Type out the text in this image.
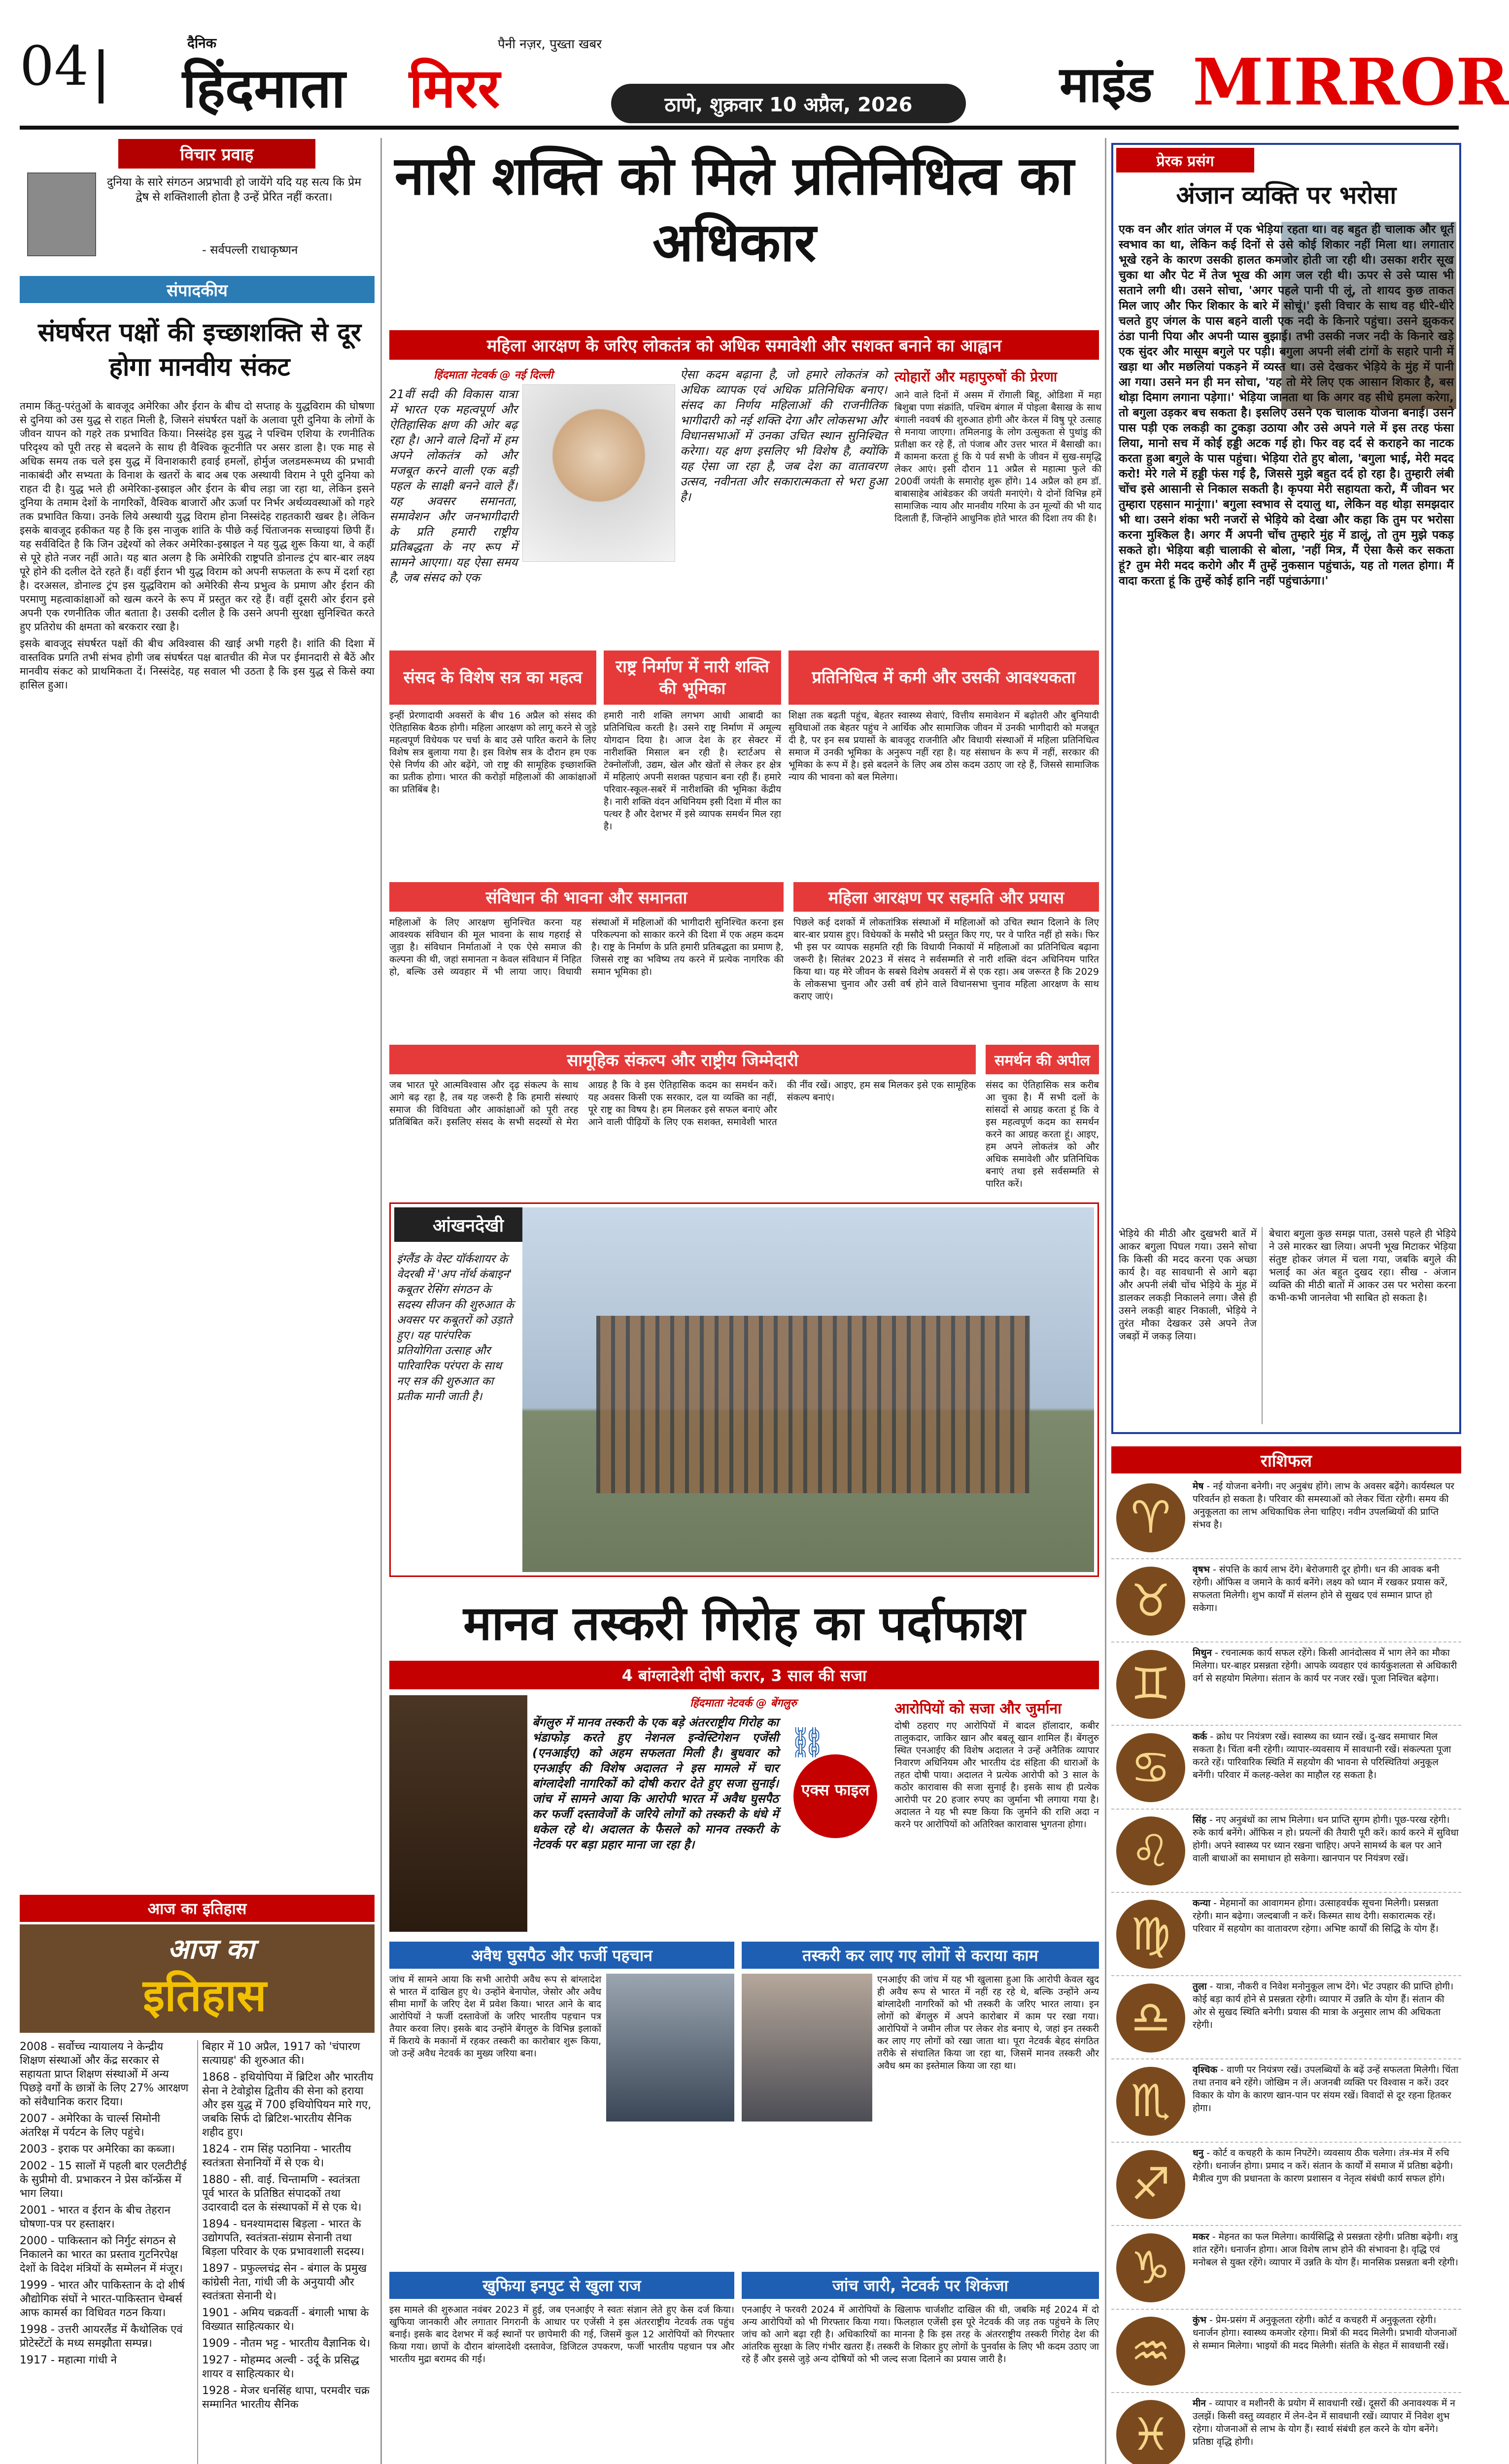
04	दैनिक
हिंदमाता मिरर
पैनी नज़र, पुख्ता खबर
ठाणे, शुक्रवार 10 अप्रैल, 2026	माइंड MIRROR
विचार प्रवाह
दुनिया के सारे संगठन अप्रभावी हो जायेंगे यदि यह सत्य कि प्रेम द्वेष से शक्तिशाली होता है उन्हें प्रेरित नहीं करता।
- सर्वपल्ली राधाकृष्णन
संपादकीय
संघर्षरत पक्षों की इच्छाशक्ति से दूर होगा मानवीय संकट

तमाम किंतु-परंतुओं के बावजूद अमेरिका और ईरान के बीच दो सप्ताह के युद्धविराम की घोषणा से दुनिया को उस युद्ध से राहत मिली है, जिसने संघर्षरत पक्षों के अलावा पूरी दुनिया के लोगों के जीवन यापन को गहरे तक प्रभावित किया। निस्संदेह इस युद्ध ने पश्चिम एशिया के रणनीतिक परिदृश्य को पूरी तरह से बदलने के साथ ही वैश्विक कूटनीति पर असर डाला है। एक माह से अधिक समय तक चले इस युद्ध में विनाशकारी हवाई हमलों, होर्मुज जलडमरूमध्य की प्रभावी नाकाबंदी और सभ्यता के विनाश के खतरों के बाद अब एक अस्थायी विराम ने पूरी दुनिया को राहत दी है। युद्ध भले ही अमेरिका-इस्राइल और ईरान के बीच लड़ा जा रहा था, लेकिन इसने दुनिया के तमाम देशों के नागरिकों, वैश्विक बाजारों और ऊर्जा पर निर्भर अर्थव्यवस्थाओं को गहरे तक प्रभावित किया। उनके लिये अस्थायी युद्ध विराम होना निस्संदेह राहतकारी खबर है। लेकिन इसके बावजूद हकीकत यह है कि इस नाजुक शांति के पीछे कई चिंताजनक सच्चाइयां छिपी हैं। यह सर्वविदित है कि जिन उद्देश्यों को लेकर अमेरिका-इस्राइल ने यह युद्ध शुरू किया था, वे कहीं से पूरे होते नजर नहीं आते। यह बात अलग है कि अमेरिकी राष्ट्रपति डोनाल्ड ट्रंप बार-बार लक्ष्य पूरे होने की दलील देते रहते हैं। वहीं ईरान भी युद्ध विराम को अपनी सफलता के रूप में दर्शा रहा है। दरअसल, डोनाल्ड ट्रंप इस युद्धविराम को अमेरिकी सैन्य प्रभुत्व के प्रमाण और ईरान की परमाणु महत्वाकांक्षाओं को खत्म करने के रूप में प्रस्तुत कर रहे हैं। वहीं दूसरी ओर ईरान इसे अपनी एक रणनीतिक जीत बताता है। उसकी दलील है कि उसने अपनी सुरक्षा सुनिश्चित करते हुए प्रतिरोध की क्षमता को बरकरार रखा है।

इसके बावजूद संघर्षरत पक्षों की बीच अविश्वास की खाई अभी गहरी है। शांति की दिशा में वास्तविक प्रगति तभी संभव होगी जब संघर्षरत पक्ष बातचीत की मेज पर ईमानदारी से बैठें और मानवीय संकट को प्राथमिकता दें। निस्संदेह, यह सवाल भी उठता है कि इस युद्ध से किसे क्या हासिल हुआ।

आज का इतिहास
आज का
इतिहास

2008 - सर्वोच्च न्यायालय ने केन्द्रीय शिक्षण संस्थाओं और केंद्र सरकार से सहायता प्राप्त शिक्षण संस्थाओं में अन्य पिछड़े वर्गों के छात्रों के लिए 27% आरक्षण को संवैधानिक करार दिया।

2007 - अमेरिका के चार्ल्स सिमोनी अंतरिक्ष में पर्यटन के लिए पहुंचे।

2003 - इराक पर अमेरिका का कब्जा।

2002 - 15 सालों में पहली बार एलटीटीई के सुप्रीमो वी. प्रभाकरन ने प्रेस कॉन्फ्रेंस में भाग लिया।

2001 - भारत व ईरान के बीच तेहरान घोषणा-पत्र पर हस्ताक्षर।

2000 - पाकिस्तान को निर्गुट संगठन से निकालने का भारत का प्रस्ताव गुटनिरपेक्ष देशों के विदेश मंत्रियों के सम्मेलन में मंजूर।

1999 - भारत और पाकिस्तान के दो शीर्ष औद्योगिक संघों ने भारत-पाकिस्तान चेम्बर्स आफ कामर्स का विधिवत गठन किया।

1998 - उत्तरी आयरलैंड में कैथोलिक एवं प्रोटेस्टेंटों के मध्य समझौता सम्पन्न।

1917 - महात्मा गांधी ने

बिहार में 10 अप्रैल, 1917 को 'चंपारण सत्याग्रह' की शुरुआत की।

1868 - इथियोपिया में ब्रिटिश और भारतीय सेना ने टेवोड्रोस द्वितीय की सेना को हराया और इस युद्ध में 700 इथियोपियन मारे गए, जबकि सिर्फ दो ब्रिटिश-भारतीय सैनिक शहीद हुए।

1824 - राम सिंह पठानिया - भारतीय स्वतंत्रता सेनानियों में से एक थे।

1880 - सी. वाई. चिन्तामणि - स्वतंत्रता पूर्व भारत के प्रतिष्ठित संपादकों तथा उदारवादी दल के संस्थापकों में से एक थे।

1894 - घनश्यामदास बिड़ला - भारत के उद्योगपति, स्वतंत्रता-संग्राम सेनानी तथा बिड़ला परिवार के एक प्रभावशाली सदस्य।

1897 - प्रफुल्लचंद्र सेन - बंगाल के प्रमुख कांग्रेसी नेता, गांधी जी के अनुयायी और स्वतंत्रता सेनानी थे।

1901 - अमिय चक्रवर्ती - बंगाली भाषा के विख्यात साहित्यकार थे।

1909 - नौतम भट्ट - भारतीय वैज्ञानिक थे।

1927 - मोहम्मद अल्वी - उर्दू के प्रसिद्ध शायर व साहित्यकार थे।

1928 - मेजर धनसिंह थापा, परमवीर चक्र सम्मानित भारतीय सैनिक

नारी शक्ति को मिले प्रतिनिधित्व का अधिकार
महिला आरक्षण के जरिए लोकतंत्र को अधिक समावेशी और सशक्त बनाने का आह्वान
हिंदमाता नेटवर्क @ नई दिल्ली
21वीं सदी की विकास यात्रा में भारत एक महत्वपूर्ण और ऐतिहासिक क्षण की ओर बढ़ रहा है। आने वाले दिनों में हम अपने लोकतंत्र को और मजबूत करने वाली एक बड़ी पहल के साक्षी बनने वाले हैं। यह अवसर समानता, समावेशन और जनभागीदारी के प्रति हमारी राष्ट्रीय प्रतिबद्धता के नए रूप में सामने आएगा। यह ऐसा समय है, जब संसद को एक
ऐसा कदम बढ़ाना है, जो हमारे लोकतंत्र को अधिक व्यापक एवं अधिक प्रतिनिधिक बनाए। संसद का निर्णय महिलाओं की राजनीतिक भागीदारी को नई शक्ति देगा और लोकसभा और विधानसभाओं में उनका उचित स्थान सुनिश्चित करेगा। यह क्षण इसलिए भी विशेष है, क्योंकि यह ऐसा जा रहा है, जब देश का वातावरण उत्सव, नवीनता और सकारात्मकता से भरा हुआ है।
त्योहारों और महापुरुषों की प्रेरणा
आने वाले दिनों में असम में रोंगाली बिहू, ओडिशा में महा बिशुबा पणा संक्रांति, पश्चिम बंगाल में पोइला बैसाख के साथ बंगाली नववर्ष की शुरुआत होगी और केरल में विषु पूरे उत्साह से मनाया जाएगा। तमिलनाडु के लोग उत्सुकता से पुथांडु की प्रतीक्षा कर रहे हैं, तो पंजाब और उत्तर भारत में बैसाखी का। मैं कामना करता हूं कि ये पर्व सभी के जीवन में सुख-समृद्धि लेकर आएं। इसी दौरान 11 अप्रैल से महात्मा फुले की 200वीं जयंती के समारोह शुरू होंगे। 14 अप्रैल को हम डॉ. बाबासाहेब आंबेडकर की जयंती मनाएंगे। ये दोनों विभिन्न हमें सामाजिक न्याय और मानवीय गरिमा के उन मूल्यों की भी याद दिलाती हैं, जिन्होंने आधुनिक होते भारत की दिशा तय की है।
संसद के विशेष सत्र का महत्व
इन्हीं प्रेरणादायी अवसरों के बीच 16 अप्रैल को संसद की ऐतिहासिक बैठक होगी। महिला आरक्षण को लागू करने से जुड़े महत्वपूर्ण विधेयक पर चर्चा के बाद उसे पारित कराने के लिए विशेष सत्र बुलाया गया है। इस विशेष सत्र के दौरान हम एक ऐसे निर्णय की ओर बढ़ेंगे, जो राष्ट्र की सामूहिक इच्छाशक्ति का प्रतीक होगा। भारत की करोड़ों महिलाओं की आकांक्षाओं का प्रतिबिंब है।
राष्ट्र निर्माण में नारी शक्ति की भूमिका
हमारी नारी शक्ति लगभग आधी आबादी का प्रतिनिधित्व करती है। उसने राष्ट्र निर्माण में अमूल्य योगदान दिया है। आज देश के हर सेक्टर में नारीशक्ति मिसाल बन रही है। स्टार्टअप से टेक्नोलॉजी, उद्यम, खेल और खेतों से लेकर हर क्षेत्र में महिलाएं अपनी सशक्त पहचान बना रही हैं। हमारे परिवार-स्कूल-सबरें में नारीशक्ति की भूमिका केंद्रीय है। नारी शक्ति वंदन अधिनियम इसी दिशा में मील का पत्थर है और देशभर में इसे व्यापक समर्थन मिल रहा है।
प्रतिनिधित्व में कमी और उसकी आवश्यकता
शिक्षा तक बढ़ती पहुंच, बेहतर स्वास्थ्य सेवाएं, वित्तीय समावेशन में बढ़ोतरी और बुनियादी सुविधाओं तक बेहतर पहुंच ने आर्थिक और सामाजिक जीवन में उनकी भागीदारी को मजबूत दी है, पर इन सब प्रयासों के बावजूद राजनीति और विधायी संस्थाओं में महिला प्रतिनिधित्व समाज में उनकी भूमिका के अनुरूप नहीं रहा है। यह संसाधन के रूप में नहीं, सरकार की भूमिका के रूप में है। इसे बदलने के लिए अब ठोस कदम उठाए जा रहे हैं, जिससे सामाजिक न्याय की भावना को बल मिलेगा।
संविधान की भावना और समानता
महिलाओं के लिए आरक्षण सुनिश्चित करना यह आवश्यक संविधान की मूल भावना के साथ गहराई से जुड़ा है। संविधान निर्माताओं ने एक ऐसे समाज की कल्पना की थी, जहां समानता न केवल संविधान में निहित हो, बल्कि उसे व्यवहार में भी लाया जाए। विधायी संस्थाओं में महिलाओं की भागीदारी सुनिश्चित करना इस परिकल्पना को साकार करने की दिशा में एक अहम कदम है। राष्ट्र के निर्माण के प्रति हमारी प्रतिबद्धता का प्रमाण है, जिससे राष्ट्र का भविष्य तय करने में प्रत्येक नागरिक की समान भूमिका हो।
महिला आरक्षण पर सहमति और प्रयास
पिछले कई दशकों में लोकतांत्रिक संस्थाओं में महिलाओं को उचित स्थान दिलाने के लिए बार-बार प्रयास हुए। विधेयकों के मसौदे भी प्रस्तुत किए गए, पर वे पारित नहीं हो सके। फिर भी इस पर व्यापक सहमति रही कि विधायी निकायों में महिलाओं का प्रतिनिधित्व बढ़ाना जरूरी है। सितंबर 2023 में संसद ने सर्वसम्मति से नारी शक्ति वंदन अधिनियम पारित किया था। यह मेरे जीवन के सबसे विशेष अवसरों में से एक रहा। अब जरूरत है कि 2029 के लोकसभा चुनाव और उसी वर्ष होने वाले विधानसभा चुनाव महिला आरक्षण के साथ कराए जाएं।
सामूहिक संकल्प और राष्ट्रीय जिम्मेदारी
जब भारत पूरे आत्मविश्वास और दृढ़ संकल्प के साथ आगे बढ़ रहा है, तब यह जरूरी है कि हमारी संस्थाएं समाज की विविधता और आकांक्षाओं को पूरी तरह प्रतिबिंबित करें। इसलिए संसद के सभी सदस्यों से मेरा आग्रह है कि वे इस ऐतिहासिक कदम का समर्थन करें। यह अवसर किसी एक सरकार, दल या व्यक्ति का नहीं, पूरे राष्ट्र का विषय है। हम मिलकर इसे सफल बनाएं और आने वाली पीढ़ियों के लिए एक सशक्त, समावेशी भारत की नींव रखें। आइए, हम सब मिलकर इसे एक सामूहिक संकल्प बनाएं।
समर्थन की अपील
संसद का ऐतिहासिक सत्र करीब आ चुका है। मैं सभी दलों के सांसदों से आग्रह करता हूं कि वे इस महत्वपूर्ण कदम का समर्थन करने का आग्रह करता हूं। आइए, हम अपने लोकतंत्र को और अधिक समावेशी और प्रतिनिधिक बनाएं तथा इसे सर्वसम्मति से पारित करें।
आंखनदेखी
इंग्लैंड के वेस्ट यॉर्कशायर के वेदरबी में 'अप नॉर्थ कंबाइन' कबूतर रेसिंग संगठन के सदस्य सीजन की शुरुआत के अवसर पर कबूतरों को उड़ाते हुए। यह पारंपरिक प्रतियोगिता उत्साह और पारिवारिक परंपरा के साथ नए सत्र की शुरुआत का प्रतीक मानी जाती है।
मानव तस्करी गिरोह का पर्दाफाश
4 बांग्लादेशी दोषी करार, 3 साल की सजा
हिंदमाता नेटवर्क @ बेंगलुरु
बेंगलुरु में मानव तस्करी के एक बड़े अंतरराष्ट्रीय गिरोह का भंडाफोड़ करते हुए नेशनल इन्वेस्टिगेशन एजेंसी (एनआईए) को अहम सफलता मिली है। बुधवार को एनआईए की विशेष अदालत ने इस मामले में चार बांग्लादेशी नागरिकों को दोषी करार देते हुए सजा सुनाई। जांच में सामने आया कि आरोपी भारत में अवैध घुसपैठ कर फर्जी दस्तावेजों के जरिये लोगों को तस्करी के धंधे में धकेल रहे थे। अदालत के फैसले को मानव तस्करी के नेटवर्क पर बड़ा प्रहार माना जा रहा है।
⛓
एक्स फाइल
आरोपियों को सजा और जुर्माना
दोषी ठहराए गए आरोपियों में बादल हॉलादार, कबीर तालुकदार, जाकिर खान और बबलू खान शामिल हैं। बेंगलुरु स्थित एनआईए की विशेष अदालत ने उन्हें अनैतिक व्यापार निवारण अधिनियम और भारतीय दंड संहिता की धाराओं के तहत दोषी पाया। अदालत ने प्रत्येक आरोपी को 3 साल के कठोर कारावास की सजा सुनाई है। इसके साथ ही प्रत्येक आरोपी पर 20 हजार रुपए का जुर्माना भी लगाया गया है। अदालत ने यह भी स्पष्ट किया कि जुर्माने की राशि अदा न करने पर आरोपियों को अतिरिक्त कारावास भुगतना होगा।
अवैध घुसपैठ और फर्जी पहचान
जांच में सामने आया कि सभी आरोपी अवैध रूप से बांग्लादेश से भारत में दाखिल हुए थे। उन्होंने बेनापोल, जेसोर और अवैध सीमा मार्गों के जरिए देश में प्रवेश किया। भारत आने के बाद आरोपियों ने फर्जी दस्तावेजों के जरिए भारतीय पहचान पत्र तैयार करवा लिए। इसके बाद उन्होंने बेंगलुरु के विभिन्न इलाकों में किराये के मकानों में रहकर तस्करी का कारोबार शुरू किया, जो उन्हें अवैध नेटवर्क का मुख्य जरिया बना।
तस्करी कर लाए गए लोगों से कराया काम
एनआईए की जांच में यह भी खुलासा हुआ कि आरोपी केवल खुद ही अवैध रूप से भारत में नहीं रह रहे थे, बल्कि उन्होंने अन्य बांग्लादेशी नागरिकों को भी तस्करी के जरिए भारत लाया। इन लोगों को बेंगलुरु में अपने कारोबार में काम पर रखा गया। आरोपियों ने जमीन लीज पर लेकर शेड बनाए थे, जहां इन तस्करी कर लाए गए लोगों को रखा जाता था। पूरा नेटवर्क बेहद संगठित तरीके से संचालित किया जा रहा था, जिसमें मानव तस्करी और अवैध श्रम का इस्तेमाल किया जा रहा था।
खुफिया इनपुट से खुला राज
इस मामले की शुरुआत नवंबर 2023 में हुई, जब एनआईए ने स्वतः संज्ञान लेते हुए केस दर्ज किया। खुफिया जानकारी और लगातार निगरानी के आधार पर एजेंसी ने इस अंतरराष्ट्रीय नेटवर्क तक पहुंच बनाई। इसके बाद देशभर में कई स्थानों पर छापेमारी की गई, जिसमें कुल 12 आरोपियों को गिरफ्तार किया गया। छापों के दौरान बांग्लादेशी दस्तावेज, डिजिटल उपकरण, फर्जी भारतीय पहचान पत्र और भारतीय मुद्रा बरामद की गई।
जांच जारी, नेटवर्क पर शिकंजा
एनआईए ने फरवरी 2024 में आरोपियों के खिलाफ चार्जशीट दाखिल की थी, जबकि मई 2024 में दो अन्य आरोपियों को भी गिरफ्तार किया गया। फिलहाल एजेंसी इस पूरे नेटवर्क की जड़ तक पहुंचने के लिए जांच को आगे बढ़ा रही है। अधिकारियों का मानना है कि इस तरह के अंतरराष्ट्रीय तस्करी गिरोह देश की आंतरिक सुरक्षा के लिए गंभीर खतरा हैं। तस्करी के शिकार हुए लोगों के पुनर्वास के लिए भी कदम उठाए जा रहे हैं और इससे जुड़े अन्य दोषियों को भी जल्द सजा दिलाने का प्रयास जारी है।
प्रेरक प्रसंग
अंजान व्यक्ति पर भरोसा
एक वन और शांत जंगल में एक भेड़िया रहता था। वह बहुत ही चालाक और धूर्त स्वभाव का था, लेकिन कई दिनों से उसे कोई शिकार नहीं मिला था। लगातार भूखे रहने के कारण उसकी हालत कमजोर होती जा रही थी। उसका शरीर सूख चुका था और पेट में तेज भूख की आग जल रही थी। ऊपर से उसे प्यास भी सताने लगी थी। उसने सोचा, 'अगर पहले पानी पी लूं, तो शायद कुछ ताकत मिल जाए और फिर शिकार के बारे में सोचूं।' इसी विचार के साथ वह धीरे-धीरे चलते हुए जंगल के पास बहने वाली एक नदी के किनारे पहुंचा। उसने झुककर ठंडा पानी पिया और अपनी प्यास बुझाई। तभी उसकी नजर नदी के किनारे खड़े एक सुंदर और मासूम बगुले पर पड़ी। बगुला अपनी लंबी टांगों के सहारे पानी में खड़ा था और मछलियां पकड़ने में व्यस्त था। उसे देखकर भेड़िये के मुंह में पानी आ गया। उसने मन ही मन सोचा, 'यह तो मेरे लिए एक आसान शिकार है, बस थोड़ा दिमाग लगाना पड़ेगा।' भेड़िया जानता था कि अगर वह सीधे हमला करेगा, तो बगुला उड़कर बच सकता है। इसलिए उसने एक चालाक योजना बनाई। उसने पास पड़ी एक लकड़ी का टुकड़ा उठाया और उसे अपने गले में इस तरह फंसा लिया, मानो सच में कोई हड्डी अटक गई हो। फिर वह दर्द से कराहने का नाटक करता हुआ बगुले के पास पहुंचा। भेड़िया रोते हुए बोला, 'बगुला भाई, मेरी मदद करो! मेरे गले में हड्डी फंस गई है, जिससे मुझे बहुत दर्द हो रहा है। तुम्हारी लंबी चोंच इसे आसानी से निकाल सकती है। कृपया मेरी सहायता करो, मैं जीवन भर तुम्हारा एहसान मानूंगा।' बगुला स्वभाव से दयालु था, लेकिन वह थोड़ा समझदार भी था। उसने शंका भरी नजरों से भेड़िये को देखा और कहा कि तुम पर भरोसा करना मुश्किल है। अगर मैं अपनी चोंच तुम्हारे मुंह में डालूं, तो तुम मुझे पकड़ सकते हो। भेड़िया बड़ी चालाकी से बोला, 'नहीं मित्र, मैं ऐसा कैसे कर सकता हूं? तुम मेरी मदद करोगे और मैं तुम्हें नुकसान पहुंचाऊं, यह तो गलत होगा। मैं वादा करता हूं कि तुम्हें कोई हानि नहीं पहुंचाऊंगा।'
भेड़िये की मीठी और दुखभरी बातें में आकर बगुला पिघल गया। उसने सोचा कि किसी की मदद करना एक अच्छा कार्य है। वह सावधानी से आगे बढ़ा और अपनी लंबी चोंच भेड़िये के मुंह में डालकर लकड़ी निकालने लगा। जैसे ही उसने लकड़ी बाहर निकाली, भेड़िये ने तुरंत मौका देखकर उसे अपने तेज जबड़ों में जकड़ लिया।
बेचारा बगुला कुछ समझ पाता, उससे पहले ही भेड़िये ने उसे मारकर खा लिया। अपनी भूख मिटाकर भेड़िया संतुष्ट होकर जंगल में चला गया, जबकि बगुले की भलाई का अंत बहुत दुखद रहा। सीख - अंजान व्यक्ति की मीठी बातों में आकर उस पर भरोसा करना कभी-कभी जानलेवा भी साबित हो सकता है।
राशिफल
♈
मेष - नई योजना बनेगी। नए अनुबंध होंगे। लाभ के अवसर बढ़ेंगे। कार्यस्थल पर परिवर्तन हो सकता है। परिवार की समस्याओं को लेकर चिंता रहेगी। समय की अनुकूलता का लाभ अधिकाधिक लेना चाहिए। नवीन उपलब्धियों की प्राप्ति संभव है।
♉
वृषभ - संपत्ति के कार्य लाभ देंगे। बेरोजगारी दूर होगी। धन की आवक बनी रहेगी। ऑफिस व जमाने के कार्य बनेंगे। लक्ष्य को ध्यान में रखकर प्रयास करें, सफलता मिलेगी। शुभ कार्यों में संलग्न होने से सुखद एवं सम्मान प्राप्त हो सकेगा।
♊
मिथुन - रचनात्मक कार्य सफल रहेंगे। किसी आनंदोत्सव में भाग लेने का मौका मिलेगा। घर-बाहर प्रसन्नता रहेगी। आपके व्यवहार एवं कार्यकुशलता से अधिकारी वर्ग से सहयोग मिलेगा। संतान के कार्य पर नजर रखें। पूजा निश्चित बढ़ेगा।
♋
कर्क - क्रोध पर नियंत्रण रखें। स्वास्थ्य का ध्यान रखें। दु-खद समाचार मिल सकता है। चिंता बनी रहेगी। व्यापार-व्यवसाय में सावधानी रखें। संकल्पता पूजा करते रहें। पारिवारिक स्थिति में सहयोग की भावना से परिस्थितियां अनुकूल बनेंगी। परिवार में कलह-क्लेश का माहौल रह सकता है।
♌
सिंह - नए अनुबंधों का लाभ मिलेगा। धन प्राप्ति सुगम होगी। पूछ-परख रहेगी। रुके कार्य बनेंगे। ऑफिस न हो। प्रयत्नों की तैयारी पूरी करें। कार्य करने में सुविधा होगी। अपने स्वास्थ्य पर ध्यान रखना चाहिए। अपने सामर्थ्य के बल पर आने वाली बाधाओं का समाधान हो सकेगा। खानपान पर नियंत्रण रखें।
♍
कन्या - मेहमानों का आवागमन होगा। उत्साहवर्धक सूचना मिलेगी। प्रसन्नता रहेगी। मान बढ़ेगा। जल्दबाजी न करें। किस्मत साथ देगी। सकारात्मक रहें। परिवार में सहयोग का वातावरण रहेगा। अभिष्ट कार्यों की सिद्धि के योग हैं।
♎
तुला - यात्रा, नौकरी व निवेश मनोनुकूल लाभ देंगे। भेंट उपहार की प्राप्ति होगी। कोई बड़ा कार्य होने से प्रसन्नता रहेगी। व्यापार में उन्नति के योग हैं। संतान की ओर से सुखद स्थिति बनेगी। प्रयास की मात्रा के अनुसार लाभ की अधिकता रहेगी।
♏
वृश्चिक - वाणी पर नियंत्रण रखें। उपलब्धियों के बढ़ें उन्हें सफलता मिलेगी। चिंता तथा तनाव बने रहेंगे। जोखिम न लें। अजनबी व्यक्ति पर विश्वास न करें। उदर विकार के योग के कारण खान-पान पर संयम रखें। विवादों से दूर रहना हितकर होगा।
♐
धनु - कोर्ट व कचहरी के काम निपटेंगे। व्यवसाय ठीक चलेगा। तंत्र-मंत्र में रुचि रहेगी। धनार्जन होगा। प्रमाद न करें। संतान के कार्यों में समाज में प्रतिष्ठा बढ़ेगी। मैत्रीत्व गुण की प्रधानता के कारण प्रशासन व नेतृत्व संबंधी कार्य सफल होंगे।
♑
मकर - मेहनत का फल मिलेगा। कार्यसिद्धि से प्रसन्नता रहेगी। प्रतिष्ठा बढ़ेगी। शत्रु शांत रहेंगे। धनार्जन होगा। आज विशेष लाभ होने की संभावना है। वृद्धि एवं मनोबल से युक्त रहेंगे। व्यापार में उन्नति के योग हैं। मानसिक प्रसन्नता बनी रहेगी।
♒
कुंभ - प्रेम-प्रसंग में अनुकूलता रहेगी। कोर्ट व कचहरी में अनुकूलता रहेगी। धनार्जन होगा। स्वास्थ्य कमजोर रहेगा। मित्रों की मदद मिलेगी। प्रभावी योजनाओं से सम्मान मिलेगा। भाइयों की मदद मिलेगी। संतति के सेहत में सावधानी रखें।
♓
मीन - व्यापार व मशीनरी के प्रयोग में सावधानी रखें। दूसरों की अनावश्यक में न उलझें। किसी वस्तु व्यवहार में लेन-देन में सावधानी रखें। व्यापार में निवेश शुभ रहेगा। योजनाओं से लाभ के योग हैं। स्वार्थ संबंधी हल करने के योग बनेंगे। प्रतिष्ठा वृद्धि होगी।
